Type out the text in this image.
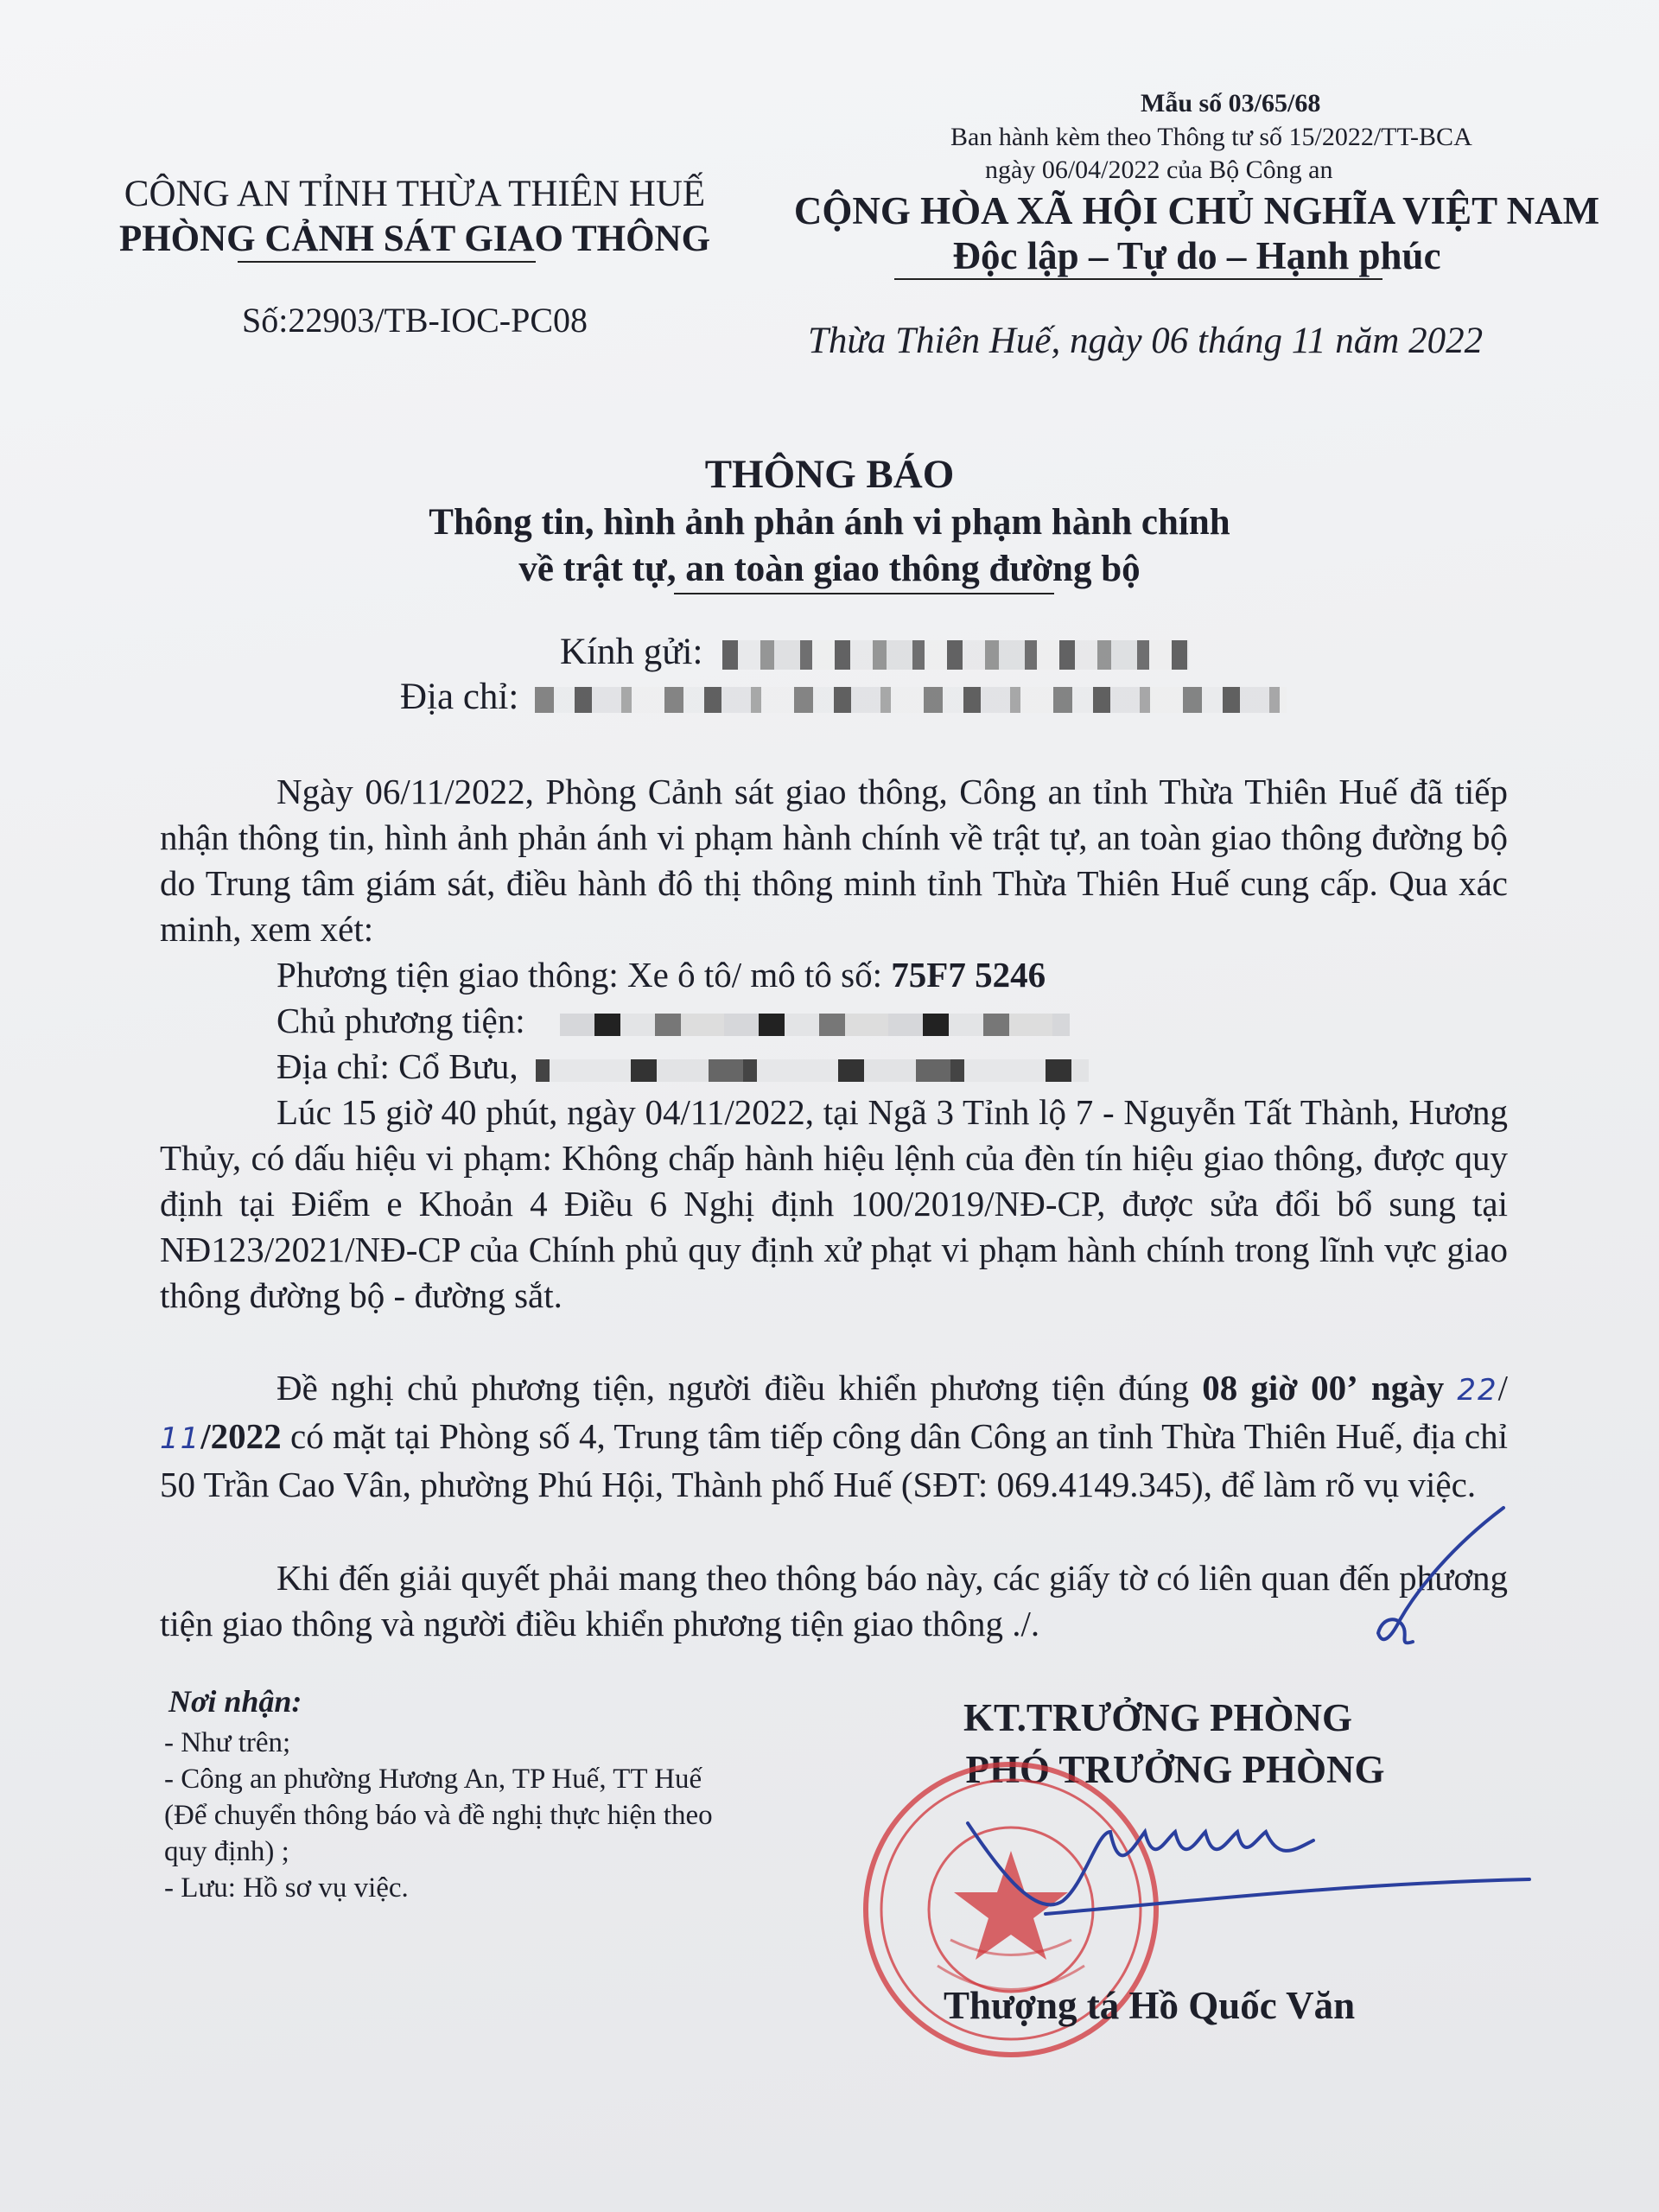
Mẫu số 03/65/68
Ban hành kèm theo Thông tư số 15/2022/TT-BCA
ngày 06/04/2022 của Bộ Công an
CÔNG AN TỈNH THỪA THIÊN HUẾ
PHÒNG CẢNH SÁT GIAO THÔNG
Số:22903/TB-IOC-PC08
CỘNG HÒA XÃ HỘI CHỦ NGHĨA VIỆT NAM
Độc lập – Tự do – Hạnh phúc
Thừa Thiên Huế, ngày 06 tháng 11 năm 2022
THÔNG BÁO
Thông tin, hình ảnh phản ánh vi phạm hành chính
về trật tự, an toàn giao thông đường bộ
Kính gửi:
Địa chỉ:
Ngày 06/11/2022, Phòng Cảnh sát giao thông, Công an tỉnh Thừa Thiên Huế đã tiếp nhận thông tin, hình ảnh phản ánh vi phạm hành chính về trật tự, an toàn giao thông đường bộ do Trung tâm giám sát, điều hành đô thị thông minh tỉnh Thừa Thiên Huế cung cấp. Qua xác minh, xem xét:
Phương tiện giao thông: Xe ô tô/ mô tô số: 75F7 5246
Chủ phương tiện:
Địa chỉ: Cổ Bưu,
Lúc 15 giờ 40 phút, ngày 04/11/2022, tại Ngã 3 Tỉnh lộ 7 - Nguyễn Tất Thành, Hương Thủy, có dấu hiệu vi phạm: Không chấp hành hiệu lệnh của đèn tín hiệu giao thông, được quy định tại Điểm e Khoản 4 Điều 6 Nghị định 100/2019/NĐ-CP, được sửa đổi bổ sung tại NĐ123/2021/NĐ-CP của Chính phủ quy định xử phạt vi phạm hành chính trong lĩnh vực giao thông đường bộ - đường sắt.
Đề nghị chủ phương tiện, người điều khiển phương tiện đúng 08 giờ 00’ ngày 22/ 11/2022 có mặt tại Phòng số 4, Trung tâm tiếp công dân Công an tỉnh Thừa Thiên Huế, địa chỉ 50 Trần Cao Vân, phường Phú Hội, Thành phố Huế (SĐT: 069.4149.345), để làm rõ vụ việc.
Khi đến giải quyết phải mang theo thông báo này, các giấy tờ có liên quan đến phương tiện giao thông và người điều khiển phương tiện giao thông ./.
Nơi nhận:
- Như trên;
- Công an phường Hương An, TP Huế, TT Huế
(Để chuyển thông báo và đề nghị thực hiện theo
quy định) ;
- Lưu: Hồ sơ vụ việc.
KT.TRƯỞNG PHÒNG
PHÓ TRƯỞNG PHÒNG
Thượng tá Hồ Quốc Văn
